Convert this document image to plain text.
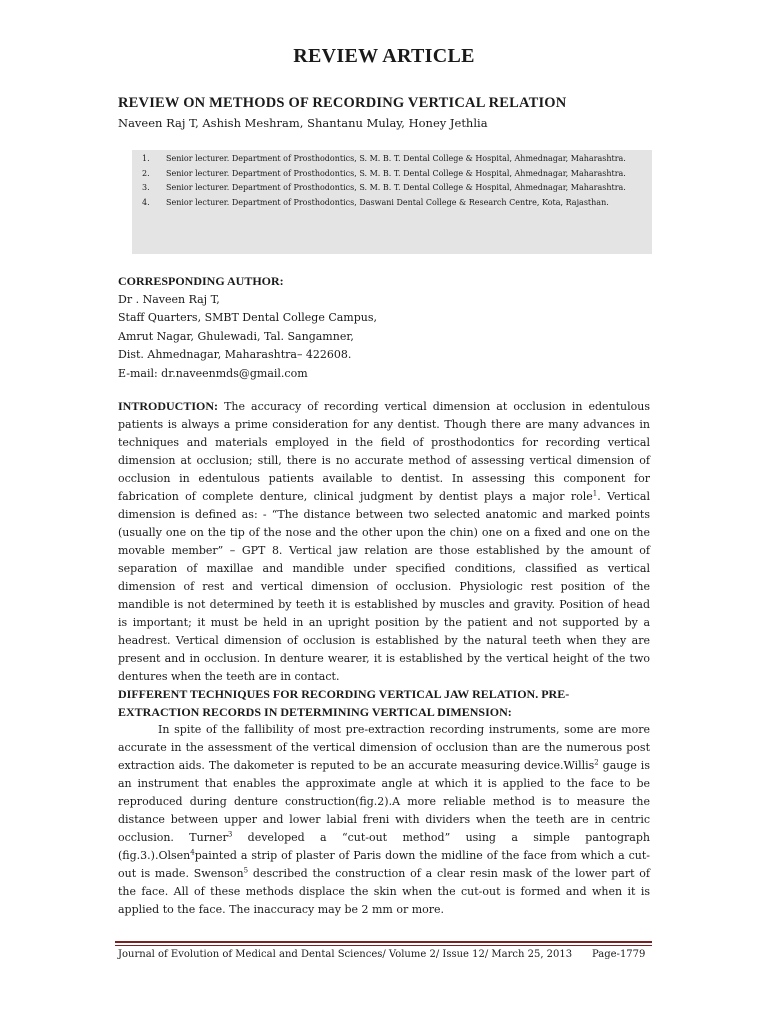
REVIEW ARTICLE
REVIEW ON METHODS OF RECORDING VERTICAL RELATION
Naveen Raj T, Ashish Meshram, Shantanu Mulay, Honey Jethlia
1.	Senior lecturer. Department of Prosthodontics, S. M. B. T. Dental College & Hospital, Ahmednagar, Maharashtra.
2.	Senior lecturer. Department of Prosthodontics, S. M. B. T. Dental College & Hospital, Ahmednagar, Maharashtra.
3.	Senior lecturer. Department of Prosthodontics, S. M. B. T. Dental College & Hospital, Ahmednagar, Maharashtra.
4.	Senior lecturer. Department of Prosthodontics, Daswani Dental College & Research Centre, Kota, Rajasthan.
CORRESPONDING AUTHOR:
Dr . Naveen Raj T,
Staff Quarters, SMBT Dental College Campus,
Amrut Nagar, Ghulewadi, Tal. Sangamner,
Dist. Ahmednagar, Maharashtra– 422608.
E-mail: dr.naveenmds@gmail.com

INTRODUCTION: The accuracy of recording vertical dimension at occlusion in edentulous patients is always a prime consideration for any dentist. Though there are many advances in techniques and materials employed in the field of prosthodontics for recording vertical dimension at occlusion; still, there is no accurate method of assessing vertical dimension of occlusion in edentulous patients available to dentist. In assessing this component for fabrication of complete denture, clinical judgment by dentist plays a major role$^1$. Vertical dimension is defined as: - “The distance between two selected anatomic and marked points (usually one on the tip of the nose and the other upon the chin) one on a fixed and one on the movable member” – GPT 8. Vertical jaw relation are those established by the amount of separation of maxillae and mandible under specified conditions, classified as vertical dimension of rest and vertical dimension of occlusion. Physiologic rest position of the mandible is not determined by teeth it is established by muscles and gravity. Position of head is important; it must be held in an upright position by the patient and not supported by a headrest. Vertical dimension of occlusion is established by the natural teeth when they are present and in occlusion. In denture wearer, it is established by the vertical height of the two dentures when the teeth are in contact.

DIFFERENT TECHNIQUES FOR RECORDING VERTICAL JAW RELATION. PRE-EXTRACTION RECORDS IN DETERMINING VERTICAL DIMENSION:

In spite of the fallibility of most pre-extraction recording instruments, some are more accurate in the assessment of the vertical dimension of occlusion than are the numerous post extraction aids. The dakometer is reputed to be an accurate measuring device.Willis$^2$ gauge is an instrument that enables the approximate angle at which it is applied to the face to be reproduced during denture construction(fig.2).A more reliable method is to measure the distance between upper and lower labial freni with dividers when the teeth are in centric occlusion. Turner$^3$ developed a “cut-out method” using a simple pantograph (fig.3.).Olsen$^4$painted a strip of plaster of Paris down the midline of the face from which a cut-out is made. Swenson$^5$ described the construction of a clear resin mask of the lower part of the face. All of these methods displace the skin when the cut-out is formed and when it is applied to the face. The inaccuracy may be 2 mm or more.

Journal of Evolution of Medical and Dental Sciences/ Volume 2/ Issue 12/ March 25, 2013 Page-1779
